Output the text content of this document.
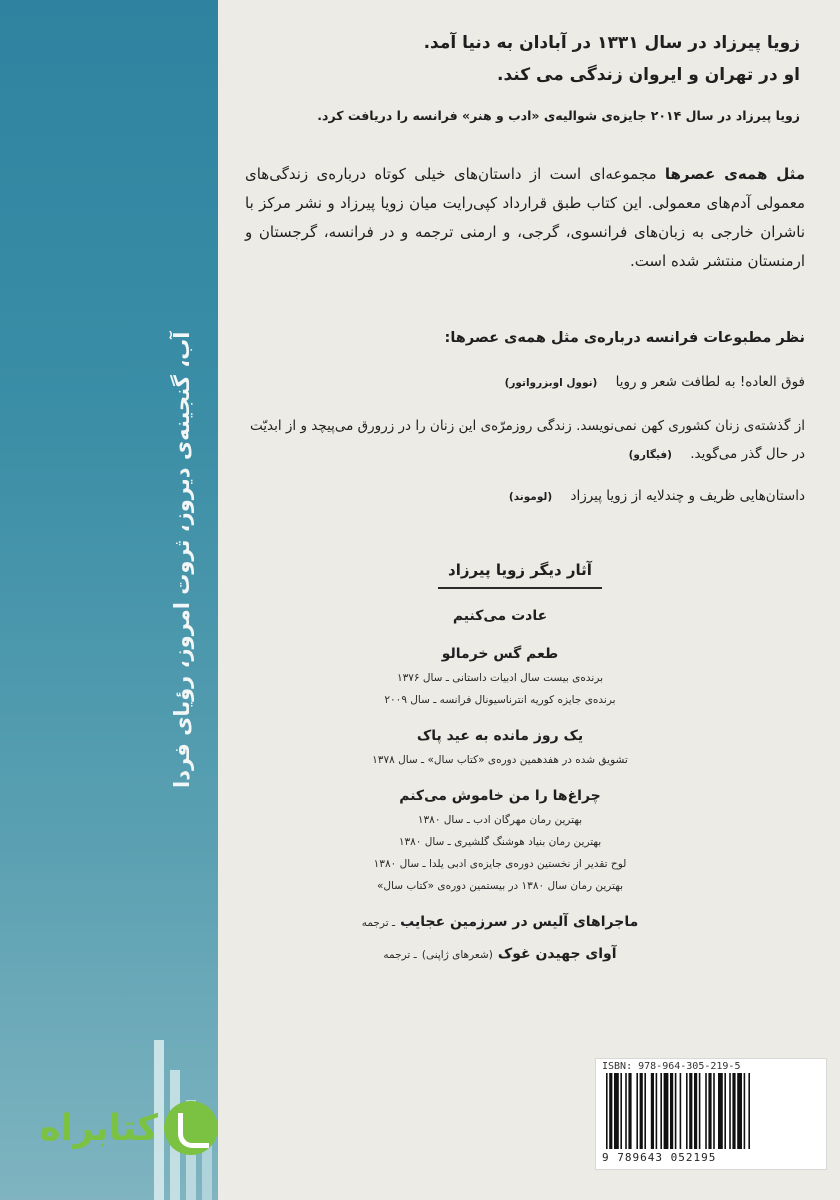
آب، گنجینه‌ی دیروز، ثروت امروز، رؤیای فردا
کتابراه

زویا پیرزاد در سال ۱۳۳۱ در آبادان به دنیا آمد.

او در تهران و ایروان زندگی می کند.

زویا پیرزاد در سال ۲۰۱۴ جایزه‌ی شوالیه‌ی «ادب و هنر» فرانسه را دریافت کرد.

مثل همه‌ی عصرها مجموعه‌ای است از داستان‌های خیلی کوتاه درباره‌ی زندگی‌های معمولی آدم‌های معمولی. این کتاب طبق قرارداد کپی‌رایت میان زویا پیرزاد و نشر مرکز با ناشران خارجی به زبان‌های فرانسوی، گرجی، و ارمنی ترجمه و در فرانسه، گرجستان و ارمنستان منتشر شده است.
نظر مطبوعات فرانسه درباره‌ی مثل همه‌ی عصرها:
فوق العاده! به لطافت شعر و رویا (نوول اوبزرواتور)
از گذشته‌ی زنان کشوری کهن نمی‌نویسد. زندگی روزمرّه‌ی این زنان را در زرورق می‌پیچد و از ابدیّت در حال گذر می‌گوید. (فیگارو)
داستان‌هایی ظریف و چندلایه از زویا پیرزاد (لوموند)
آثار دیگر زویا پیرزاد
عادت می‌کنیم
طعم گس خرمالو
برنده‌ی بیست سال ادبیات داستانی ـ سال ۱۳۷۶
برنده‌ی جایزه کوریه انترناسیونال فرانسه ـ سال ۲۰۰۹
یک روز مانده به عید پاک
تشویق شده در هفدهمین دوره‌ی «کتاب سال» ـ سال ۱۳۷۸
چراغ‌ها را من خاموش می‌کنم
بهترین رمان مهرگان ادب ـ سال ۱۳۸۰
بهترین رمان بنیاد هوشنگ گلشیری ـ سال ۱۳۸۰
لوح تقدیر از نخستین دوره‌ی جایزه‌ی ادبی یلدا ـ سال ۱۳۸۰
بهترین رمان سال ۱۳۸۰ در بیستمین دوره‌ی «کتاب سال»
ماجراهای آلیس در سرزمین عجایب ـ ترجمه
آوای جهیدن غوک (شعرهای ژاپنی) ـ ترجمه
ISBN: 978-964-305-219-5
9 789643 052195
